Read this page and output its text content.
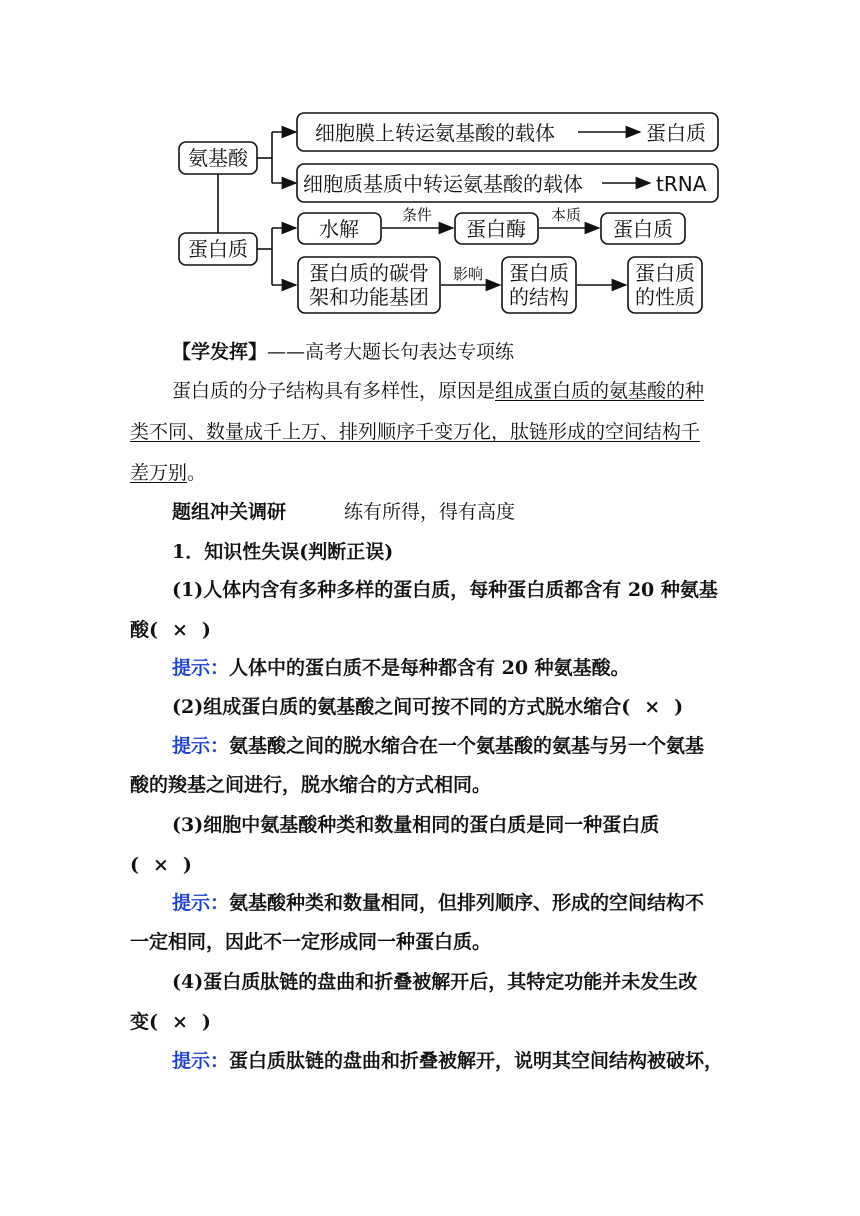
氨基酸
蛋白质
细胞膜上转运氨基酸的载体	蛋白质
细胞质基质中转运氨基酸的载体	tRNA
水解
条件
蛋白酶
本质
蛋白质
蛋白质的碳骨
架和功能基团
影响 蛋白质
的结构
蛋白质
的性质
【学发挥】——高考大题长句表达专项练
蛋白质的分子结构具有多样性，原因是组成蛋白质的氨基酸的种
类不同、数量成千上万、排列顺序千变万化，肽链形成的空间结构千
差万别。
题组冲关调研	练有所得，得有高度
1．知识性失误(判断正误)
(1)人体内含有多种多样的蛋白质，每种蛋白质都含有 20 种氨基
酸( × )
提示：人体中的蛋白质不是每种都含有 20 种氨基酸。
(2)组成蛋白质的氨基酸之间可按不同的方式脱水缩合( × )
提示：氨基酸之间的脱水缩合在一个氨基酸的氨基与另一个氨基
酸的羧基之间进行，脱水缩合的方式相同。
(3)细胞中氨基酸种类和数量相同的蛋白质是同一种蛋白质
( × )
提示：氨基酸种类和数量相同，但排列顺序、形成的空间结构不
一定相同，因此不一定形成同一种蛋白质。
(4)蛋白质肽链的盘曲和折叠被解开后，其特定功能并未发生改
变( × )
提示：蛋白质肽链的盘曲和折叠被解开，说明其空间结构被破坏，
